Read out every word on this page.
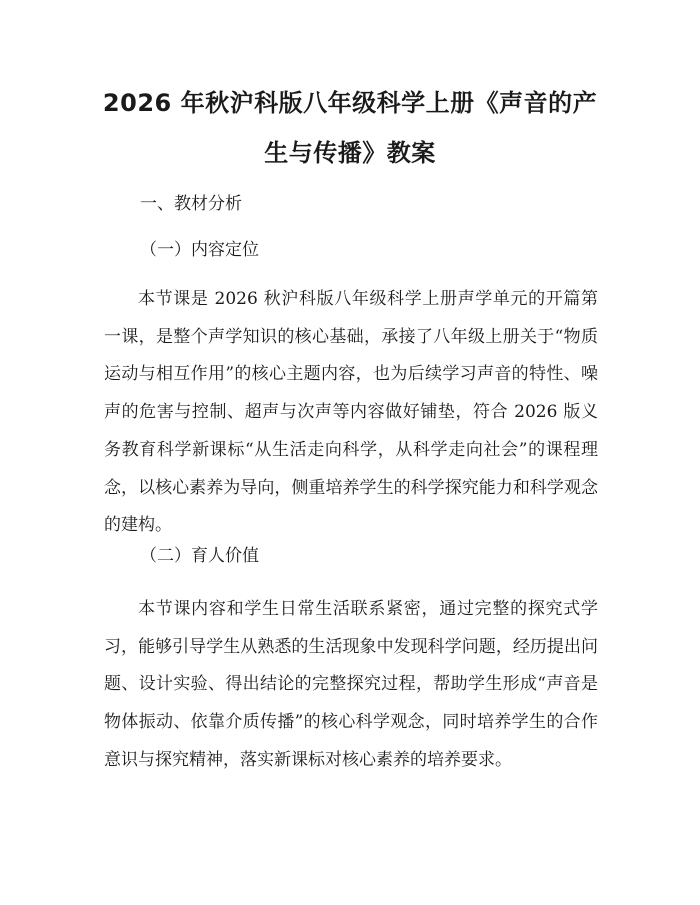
2026 年秋沪科版八年级科学上册《声音的产生与传播》教案
一、教材分析
（一）内容定位
本节课是 2026 秋沪科版八年级科学上册声学单元的开篇第一课，是整个声学知识的核心基础，承接了八年级上册关于“物质运动与相互作用”的核心主题内容，也为后续学习声音的特性、噪声的危害与控制、超声与次声等内容做好铺垫，符合 2026 版义务教育科学新课标“从生活走向科学，从科学走向社会”的课程理念，以核心素养为导向，侧重培养学生的科学探究能力和科学观念的建构。
（二）育人价值
本节课内容和学生日常生活联系紧密，通过完整的探究式学习，能够引导学生从熟悉的生活现象中发现科学问题，经历提出问题、设计实验、得出结论的完整探究过程，帮助学生形成“声音是物体振动、依靠介质传播”的核心科学观念，同时培养学生的合作意识与探究精神，落实新课标对核心素养的培养要求。
